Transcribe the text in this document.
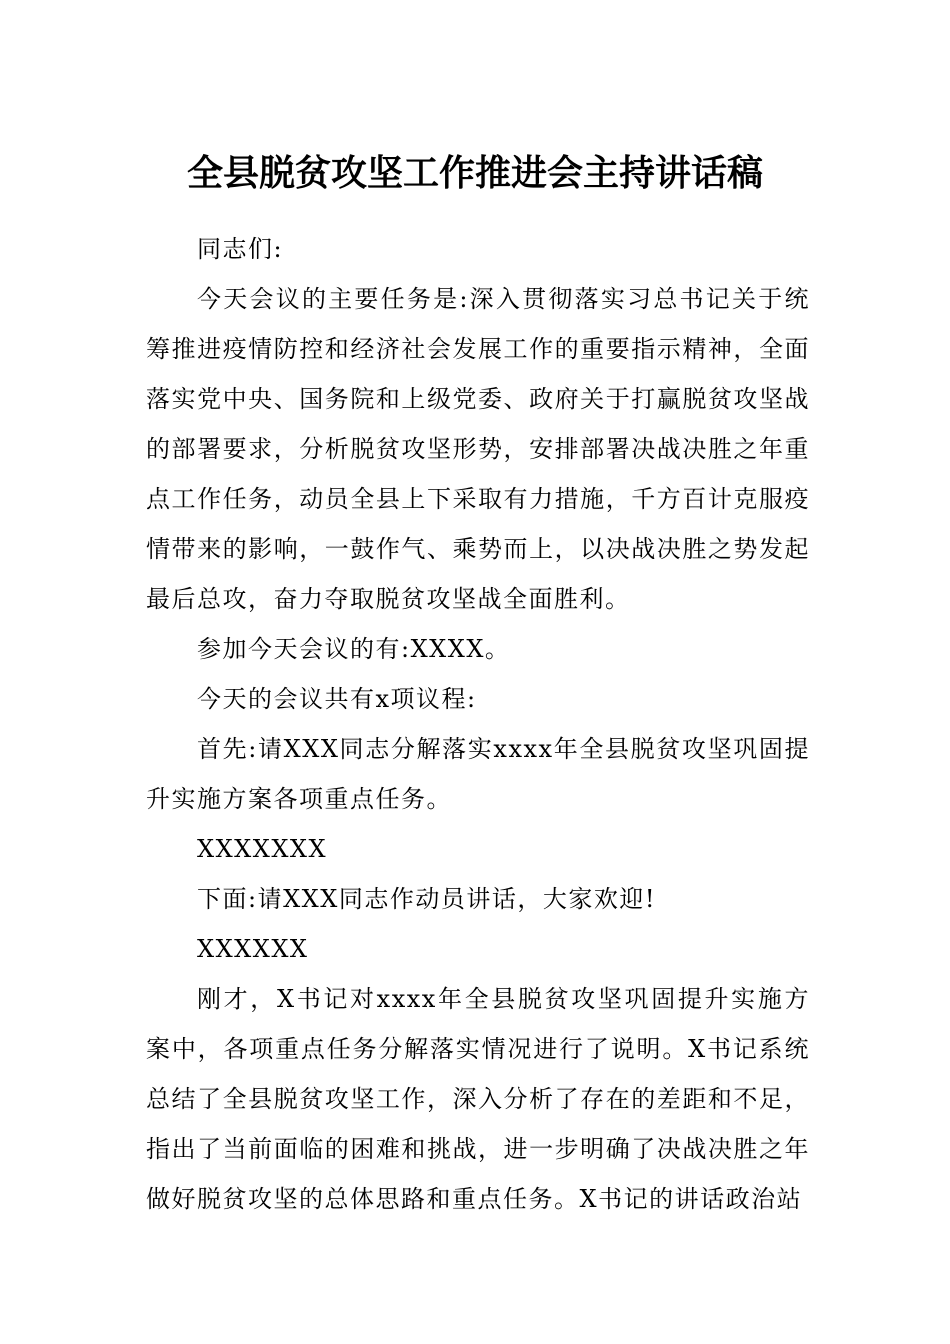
全县脱贫攻坚工作推进会主持讲话稿

同志们:

今天会议的主要任务是:深入贯彻落实习总书记关于统筹推进疫情防控和经济社会发展工作的重要指示精神，全面落实党中央、国务院和上级党委、政府关于打赢脱贫攻坚战的部署要求，分析脱贫攻坚形势，安排部署决战决胜之年重点工作任务，动员全县上下采取有力措施，千方百计克服疫情带来的影响，一鼓作气、乘势而上，以决战决胜之势发起最后总攻，奋力夺取脱贫攻坚战全面胜利。

参加今天会议的有:XXXX。

今天的会议共有x项议程:

首先:请XXX同志分解落实xxxx年全县脱贫攻坚巩固提升实施方案各项重点任务。

XXXXXXX

下面:请XXX同志作动员讲话，大家欢迎!

XXXXXX

刚才，X书记对xxxx年全县脱贫攻坚巩固提升实施方案中，各项重点任务分解落实情况进行了说明。X书记系统总结了全县脱贫攻坚工作，深入分析了存在的差距和不足，指出了当前面临的困难和挑战，进一步明确了决战决胜之年做好脱贫攻坚的总体思路和重点任务。X书记的讲话政治站
